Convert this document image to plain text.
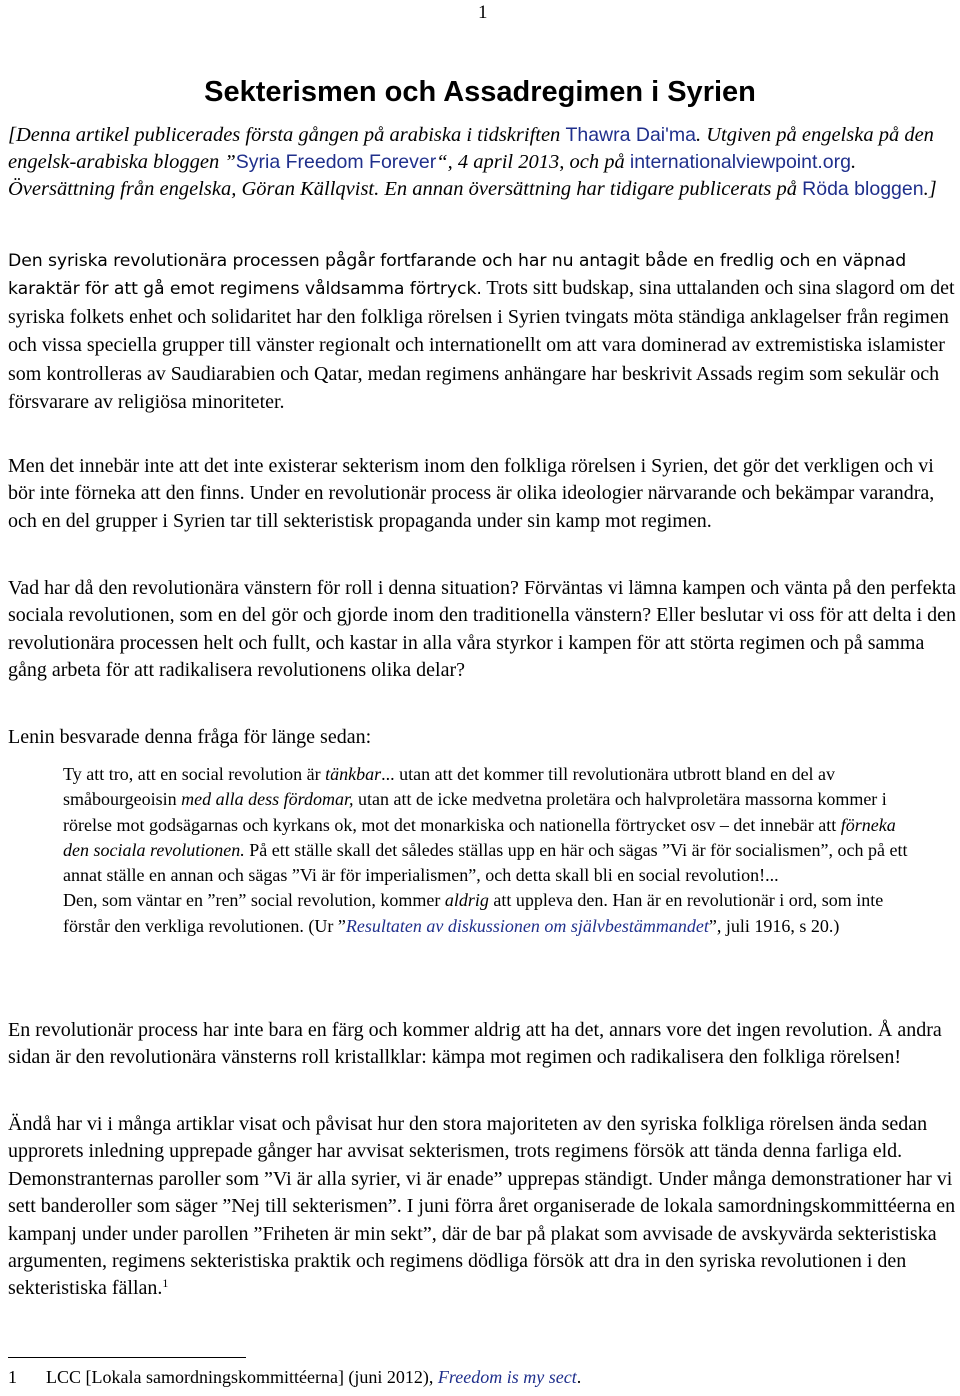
1
Sekterismen och Assadregimen i Syrien

[Denna artikel publicerades första gången på arabiska i tidskriften Thawra Dai'ma. Utgiven på engelska på den engelsk-arabiska bloggen ”Syria Freedom Forever“, 4 april 2013, och på internationalviewpoint.org. Översättning från engelska, Göran Källqvist. En annan översättning har tidigare publicerats på Röda bloggen.]

Den syriska revolutionära processen pågår fortfarande och har nu antagit både en fredlig och en väpnad karaktär för att gå emot regimens våldsamma förtryck. Trots sitt budskap, sina uttalanden och sina slagord om det syriska folkets enhet och solidaritet har den folkliga rörelsen i Syrien tvingats möta ständiga anklagelser från regimen och vissa speciella grupper till vänster regionalt och internationellt om att vara dominerad av extremistiska islamister som kontrolleras av Saudiarabien och Qatar, medan regimens anhängare har beskrivit Assads regim som sekulär och försvarare av religiösa minoriteter.

Men det innebär inte att det inte existerar sekterism inom den folkliga rörelsen i Syrien, det gör det verkligen och vi bör inte förneka att den finns. Under en revolutionär process är olika ideologier närvarande och bekämpar varandra, och en del grupper i Syrien tar till sekteristisk propaganda under sin kamp mot regimen.

Vad har då den revolutionära vänstern för roll i denna situation? Förväntas vi lämna kampen och vänta på den perfekta sociala revolutionen, som en del gör och gjorde inom den traditionella vänstern? Eller beslutar vi oss för att delta i den revolutionära processen helt och fullt, och kastar in alla våra styrkor i kampen för att störta regimen och på samma gång arbeta för att radikalisera revolutionens olika delar?

Lenin besvarade denna fråga för länge sedan:

Ty att tro, att en social revolution är tänkbar... utan att det kommer till revolutionära utbrott bland en del av småbourgeoisin med alla dess fördomar, utan att de icke medvetna proletära och halvproletära massorna kommer i rörelse mot godsägarnas och kyrkans ok, mot det monarkiska och nationella förtrycket osv – det innebär att förneka den sociala revolutionen. På ett ställe skall det således ställas upp en här och sägas ”Vi är för socialismen”, och på ett annat ställe en annan och sägas ”Vi är för imperialismen”, och detta skall bli en social revolution!...
Den, som väntar en ”ren” social revolution, kommer aldrig att uppleva den. Han är en revolutionär i ord, som inte förstår den verkliga revolutionen. (Ur ”Resultaten av diskussionen om självbestämmandet”, juli 1916, s 20.)

En revolutionär process har inte bara en färg och kommer aldrig att ha det, annars vore det ingen revolution. Å andra sidan är den revolutionära vänsterns roll kristallklar: kämpa mot regimen och radikalisera den folkliga rörelsen!

Ändå har vi i många artiklar visat och påvisat hur den stora majoriteten av den syriska folkliga rörelsen ända sedan upprorets inledning upprepade gånger har avvisat sekterismen, trots regimens försök att tända denna farliga eld. Demonstranternas paroller som ”Vi är alla syrier, vi är enade” upprepas ständigt. Under många demonstrationer har vi sett banderoller som säger ”Nej till sekterismen”. I juni förra året organiserade de lokala samordningskommittéerna en kampanj under under parollen ”Friheten är min sekt”, där de bar på plakat som avvisade de avskyvärda sekteristiska argumenten, regimens sekteristiska praktik och regimens dödliga försök att dra in den syriska revolutionen i den sekteristiska fällan.$^1$

1 LCC [Lokala samordningskommittéerna] (juni 2012), Freedom is my sect.
